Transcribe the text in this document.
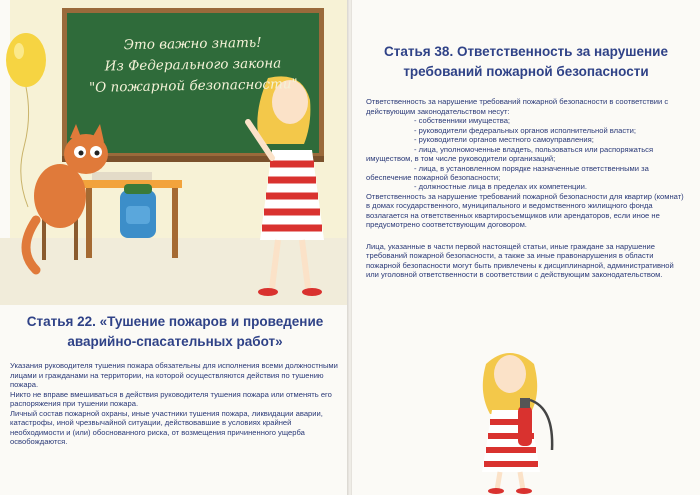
Это важно знать!
Из Федерального закона
"О пожарной безопасности"
Статья 22. «Тушение пожаров и проведение
аварийно-спасательных работ»

Указания руководителя тушения пожара обязательны для исполнения всеми должностными лицами и гражданами на территории, на которой осуществляются действия по тушению пожара.

Никто не вправе вмешиваться в действия руководителя тушения пожара или отменять его распоряжения при тушении пожара.

Личный состав пожарной охраны, иные участники тушения пожара, ликвидации аварии, катастрофы, иной чрезвычайной ситуации, действовавшие в условиях крайней необходимости и (или) обоснованного риска, от возмещения причиненного ущерба освобождаются.

Статья 38. Ответственность за нарушение
требований пожарной безопасности

Ответственность за нарушение требований пожарной безопасности в соответствии с действующим законодательством несут:

- собственники имущества;

- руководители федеральных органов исполнительной власти;

- руководители органов местного самоуправления;

- лица, уполномоченные владеть, пользоваться или распоряжаться

имуществом, в том числе руководители организаций;

- лица, в установленном порядке назначенные ответственными за

обеспечение пожарной безопасности;

- должностные лица в пределах их компетенции.

Ответственность за нарушение требований пожарной безопасности для квартир (комнат) в домах государственного, муниципального и ведомственного жилищного фонда возлагается на ответственных квартиросъемщиков или арендаторов, если иное не предусмотрено соответствующим договором.

Лица, указанные в части первой настоящей статьи, иные граждане за нарушение требований пожарной безопасности, а также за иные правонарушения в области пожарной безопасности могут быть привлечены к дисциплинарной, административной или уголовной ответственности в соответствии с действующим законодательством.
